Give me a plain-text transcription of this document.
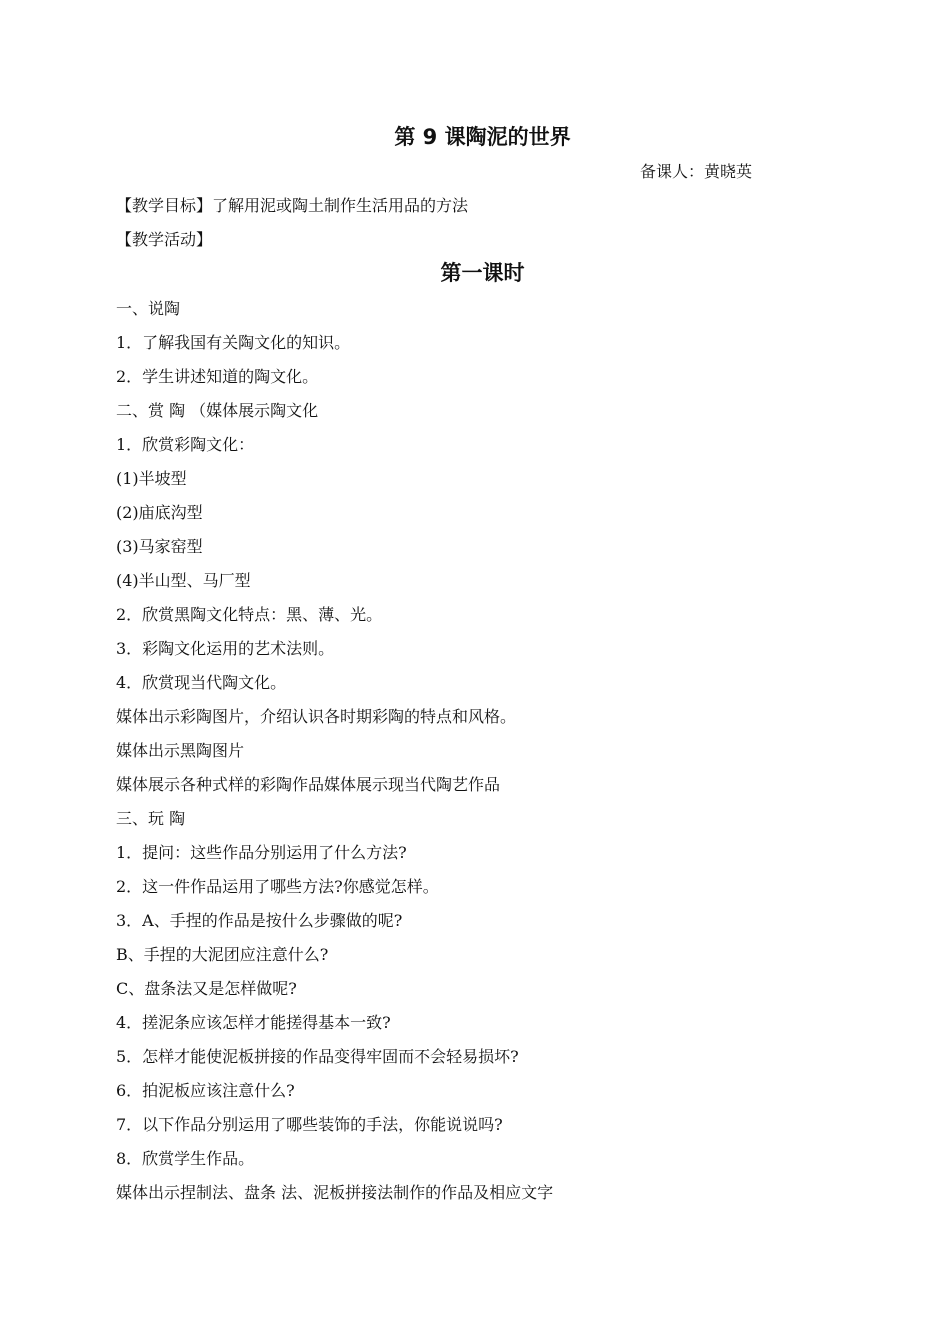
第 9 课陶泥的世界

备课人：黄晓英

【教学目标】了解用泥或陶土制作生活用品的方法

【教学活动】

第一课时

一、说陶

1．了解我国有关陶文化的知识。

2．学生讲述知道的陶文化。

二、赏 陶 （媒体展示陶文化

1．欣赏彩陶文化：

(1)半坡型

(2)庙底沟型

(3)马家窑型

(4)半山型、马厂型

2．欣赏黑陶文化特点：黑、薄、光。

3．彩陶文化运用的艺术法则。

4．欣赏现当代陶文化。

媒体出示彩陶图片，介绍认识各时期彩陶的特点和风格。

媒体出示黑陶图片

媒体展示各种式样的彩陶作品媒体展示现当代陶艺作品

三、玩 陶

1．提问：这些作品分别运用了什么方法?

2．这一件作品运用了哪些方法?你感觉怎样。

3．A、手捏的作品是按什么步骤做的呢?

B、手捏的大泥团应注意什么?

C、盘条法又是怎样做呢?

4．搓泥条应该怎样才能搓得基本一致?

5．怎样才能使泥板拼接的作品变得牢固而不会轻易损坏?

6．拍泥板应该注意什么?

7．以下作品分别运用了哪些装饰的手法，你能说说吗?

8．欣赏学生作品。

媒体出示捏制法、盘条 法、泥板拼接法制作的作品及相应文字
